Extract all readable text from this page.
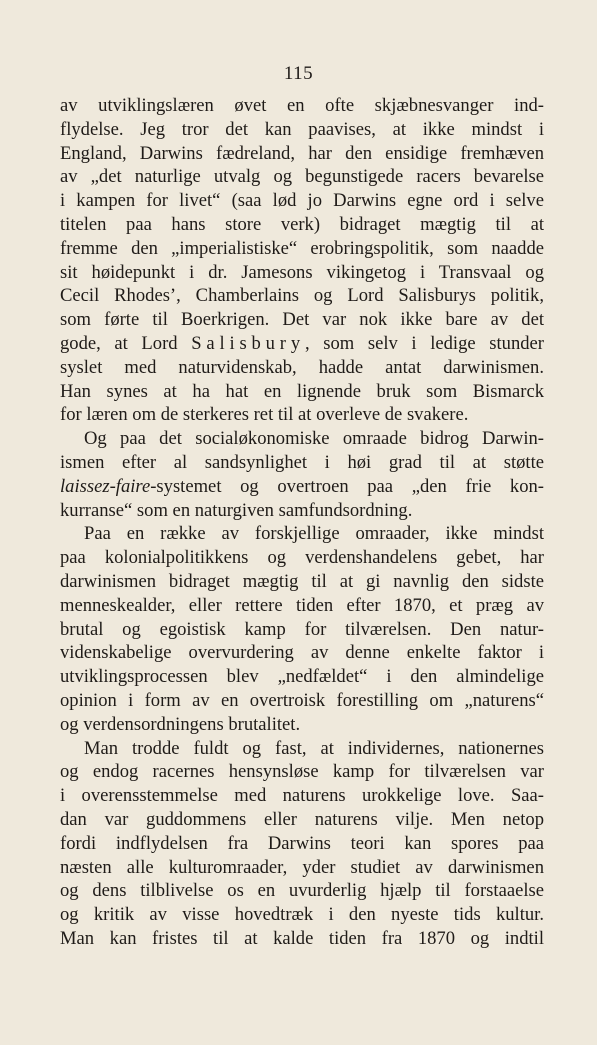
115
av utviklingslæren øvet en ofte skjæbnesvanger ind-
flydelse. Jeg tror det kan paavises, at ikke mindst i
England, Darwins fædreland, har den ensidige fremhæven
av „det naturlige utvalg og begunstigede racers bevarelse
i kampen for livet“ (saa lød jo Darwins egne ord i selve
titelen paa hans store verk) bidraget mægtig til at
fremme den „imperialistiske“ erobringspolitik, som naadde
sit høidepunkt i dr. Jamesons vikingetog i Transvaal og
Cecil Rhodes’, Chamberlains og Lord Salisburys politik,
som førte til Boerkrigen. Det var nok ikke bare av det
gode, at Lord Salisbury, som selv i ledige stunder
syslet med naturvidenskab, hadde antat darwinismen.
Han synes at ha hat en lignende bruk som Bismarck
for læren om de sterkeres ret til at overleve de svakere.
Og paa det socialøkonomiske omraade bidrog Darwin-
ismen efter al sandsynlighet i høi grad til at støtte
laissez-faire-systemet og overtroen paa „den frie kon-
kurranse“ som en naturgiven samfundsordning.
Paa en række av forskjellige omraader, ikke mindst
paa kolonialpolitikkens og verdenshandelens gebet, har
darwinismen bidraget mægtig til at gi navnlig den sidste
menneskealder, eller rettere tiden efter 1870, et præg av
brutal og egoistisk kamp for tilværelsen. Den natur-
videnskabelige overvurdering av denne enkelte faktor i
utviklingsprocessen blev „nedfældet“ i den almindelige
opinion i form av en overtroisk forestilling om „naturens“
og verdensordningens brutalitet.
Man trodde fuldt og fast, at individernes, nationernes
og endog racernes hensynsløse kamp for tilværelsen var
i overensstemmelse med naturens urokkelige love. Saa-
dan var guddommens eller naturens vilje. Men netop
fordi indflydelsen fra Darwins teori kan spores paa
næsten alle kulturomraader, yder studiet av darwinismen
og dens tilblivelse os en uvurderlig hjælp til forstaaelse
og kritik av visse hovedtræk i den nyeste tids kultur.
Man kan fristes til at kalde tiden fra 1870 og indtil
